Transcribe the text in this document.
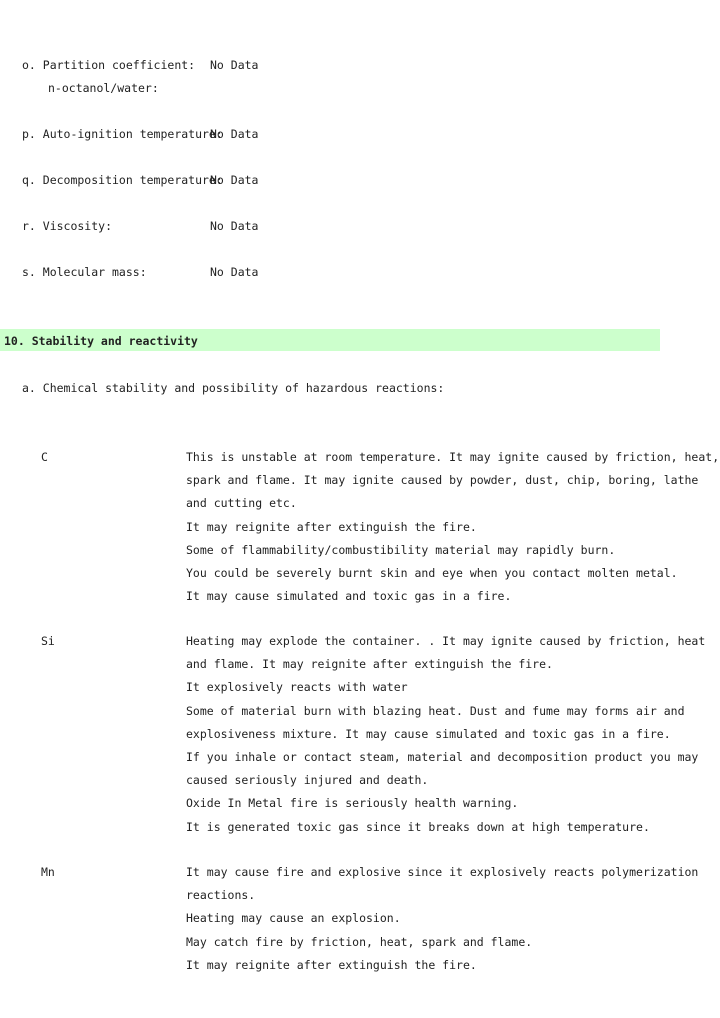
o. Partition coefficient:
n-octanol/water:
No Data
p. Auto-ignition temperature:
No Data
q. Decomposition temperature:
No Data
r. Viscosity:	No Data
s. Molecular mass:	No Data
10. Stability and reactivity
a. Chemical stability and possibility of hazardous reactions:
C	This is unstable at room temperature. It may ignite caused by friction, heat,
spark and flame. It may ignite caused by powder, dust, chip, boring, lathe
and cutting etc.
It may reignite after extinguish the fire.
Some of flammability/combustibility material may rapidly burn.
You could be severely burnt skin and eye when you contact molten metal.
It may cause simulated and toxic gas in a fire.
Si	Heating may explode the container. . It may ignite caused by friction, heat
and flame. It may reignite after extinguish the fire.
It explosively reacts with water
Some of material burn with blazing heat. Dust and fume may forms air and
explosiveness mixture. It may cause simulated and toxic gas in a fire.
If you inhale or contact steam, material and decomposition product you may
caused seriously injured and death.
Oxide In Metal fire is seriously health warning.
It is generated toxic gas since it breaks down at high temperature.
Mn	It may cause fire and explosive since it explosively reacts polymerization
reactions.
Heating may cause an explosion.
May catch fire by friction, heat, spark and flame.
It may reignite after extinguish the fire.
